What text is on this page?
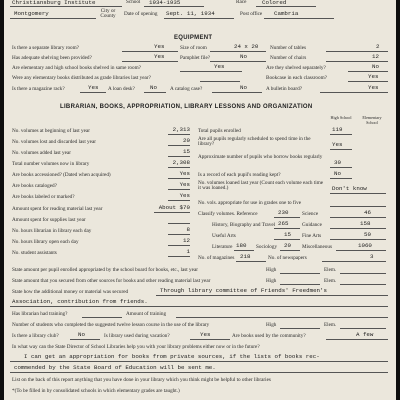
Christiansburg Institute	School 1934-1935	Race	Colored
Montgomery	City or County	Date of opening Sept. 11, 1934	Post office Cambria
EQUIPMENT
Is there a separate library room?	Yes	Size of room	24 x 20 Number of tables	2
Has adequate shelving been provided?	Yes	Pamphlet file?	No	Number of chairs	12
Are elementary and high school books shelved in same room?	Yes	Are they shelved separately?	No
Were any elementary books distributed as grade libraries last year?	Bookcase in each classroom?	Yes
Is there a magazine rack?	Yes A loan desk?	No	A catalog case?	No	A bulletin board?	Yes
LIBRARIAN, BOOKS, APPROPRIATION, LIBRARY LESSONS AND ORGANIZATION
High School	Elementary School
No. volumes at beginning of last year	2,313
No. volumes lost and discarded last year	20
No. volumes added last year	15
Total number volumes now in library	2,308
Are books accessioned? (Dated when acquired)	Yes
Are books cataloged?	Yes
Are books labeled or marked?	Yes
Amount spent for reading material last year	About $70
Amount spent for supplies last year
No. hours librarian in library each day	8
No. hours library open each day	12
No. student assistants	1
Total pupils enrolled	119
Are all pupils regularly scheduled to spend time in the library?	Yes
Approximate number of pupils who borrow books regularly
30
Is a record of each pupil's reading kept?	No
No. volumes loaned last year (Count each volume each time it was loaned.)	Don't know
No. vols. appropriate for use in grades one to five
Classify volumes. Reference	230	Science	46
History, Biography and Travel 265	Guidance	158
Useful Arts	15 Fine Arts	50
Literature 180 Sociology 20 Miscellaneous	1060
No. of magazines 218	No. of newspapers	3
State amount per pupil enrolled appropriated by the school board for books, etc., last year	High	Elem.
State amount that you secured from other sources for books and other reading material last year	High	Elem.
State how the additional money or material was secured	Through library committee of Friends' Freedmen's
Association, contribution from friends.
Has librarian had training?	Amount of training
Number of students who completed the suggested twelve lesson course in the use of the library	High	Elem.
Is there a library club?	No	Is library used during vacation?	Yes	Are books used by the community?	A few
In what way can the State Director of School Libraries help you with your library problems either now or in the future?
I can get an appropriation for books from private sources, if the lists of books rec-
commended by the State Board of Education will be sent me.
List on the back of this report anything that you have done in your library which you think might be helpful to other libraries
*(To be filled in by consolidated schools in which elementary grades are taught.)
